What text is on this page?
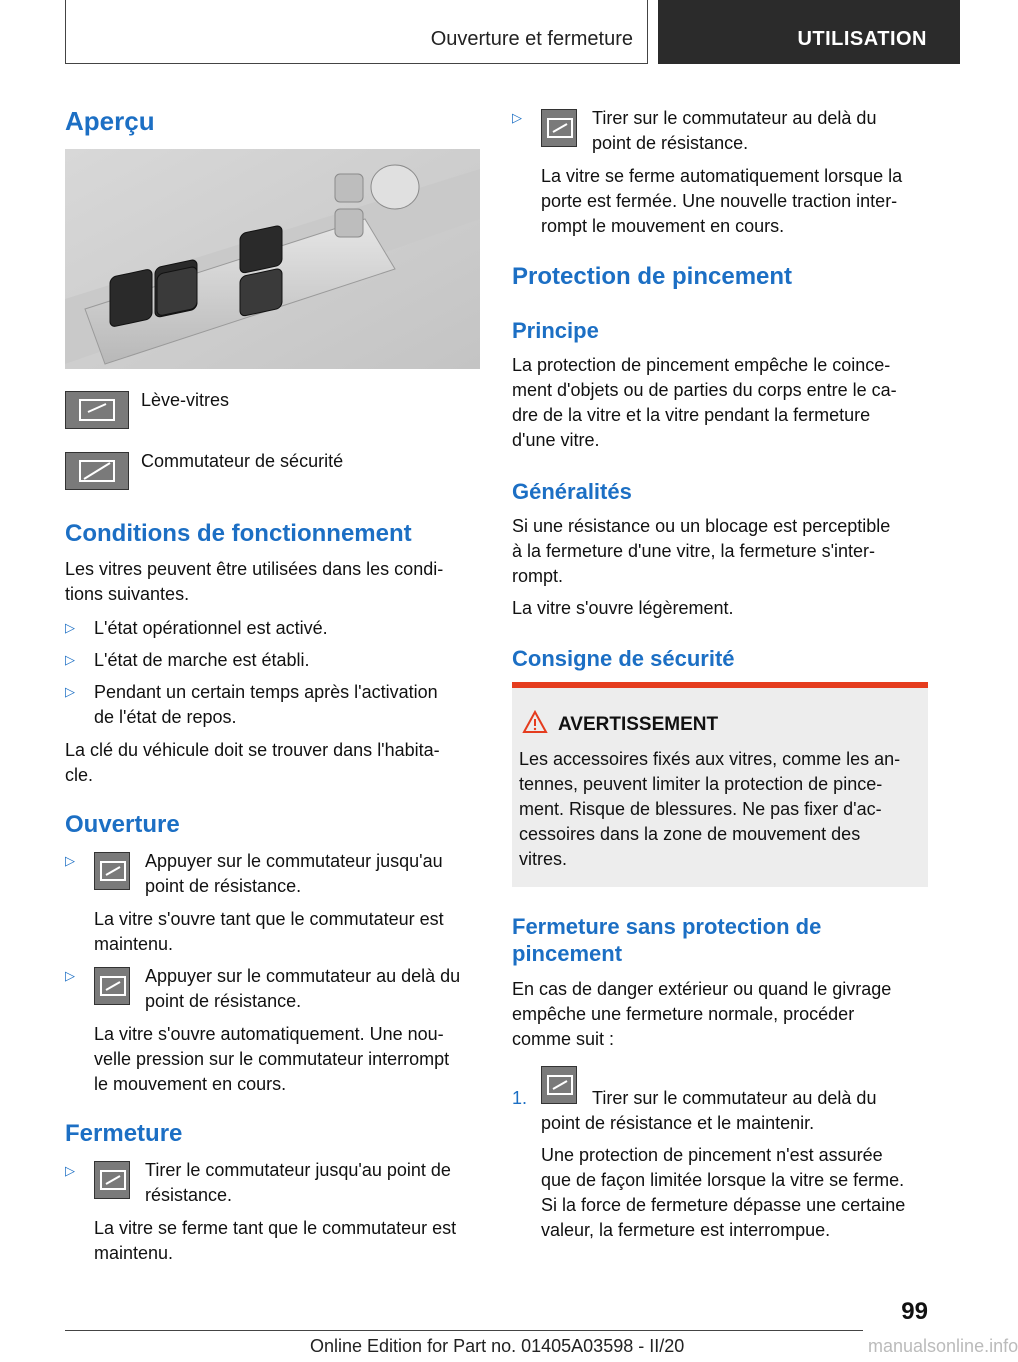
Ouverture et fermeture	UTILISATION
Aperçu
Lève-vitres
Commutateur de sécurité
Conditions de fonctionnement
Les vitres peuvent être utilisées dans les condi-
tions suivantes.
▷ L'état opérationnel est activé.
▷ L'état de marche est établi.
▷ Pendant un certain temps après l'activation
de l'état de repos.
La clé du véhicule doit se trouver dans l'habita-
cle.
Ouverture
▷	Appuyer sur le commutateur jusqu'au
point de résistance.
La vitre s'ouvre tant que le commutateur est
maintenu.
▷	Appuyer sur le commutateur au delà du
point de résistance.
La vitre s'ouvre automatiquement. Une nou-
velle pression sur le commutateur interrompt
le mouvement en cours.
Fermeture
▷	Tirer le commutateur jusqu'au point de
résistance.
La vitre se ferme tant que le commutateur est
maintenu.
▷	Tirer sur le commutateur au delà du
point de résistance.
La vitre se ferme automatiquement lorsque la
porte est fermée. Une nouvelle traction inter-
rompt le mouvement en cours.
Protection de pincement
Principe
La protection de pincement empêche le coince-
ment d'objets ou de parties du corps entre le ca-
dre de la vitre et la vitre pendant la fermeture
d'une vitre.
Généralités
Si une résistance ou un blocage est perceptible
à la fermeture d'une vitre, la fermeture s'inter-
rompt.
La vitre s'ouvre légèrement.
Consigne de sécurité
AVERTISSEMENT
Les accessoires fixés aux vitres, comme les an-
tennes, peuvent limiter la protection de pince-
ment. Risque de blessures. Ne pas fixer d'ac-
cessoires dans la zone de mouvement des
vitres.
Fermeture sans protection de
pincement
En cas de danger extérieur ou quand le givrage
empêche une fermeture normale, procéder
comme suit :
1.	Tirer sur le commutateur au delà du
point de résistance et le maintenir.
Une protection de pincement n'est assurée
que de façon limitée lorsque la vitre se ferme.
Si la force de fermeture dépasse une certaine
valeur, la fermeture est interrompue.
99
Online Edition for Part no. 01405A03598 - II/20	manualsonline.info
